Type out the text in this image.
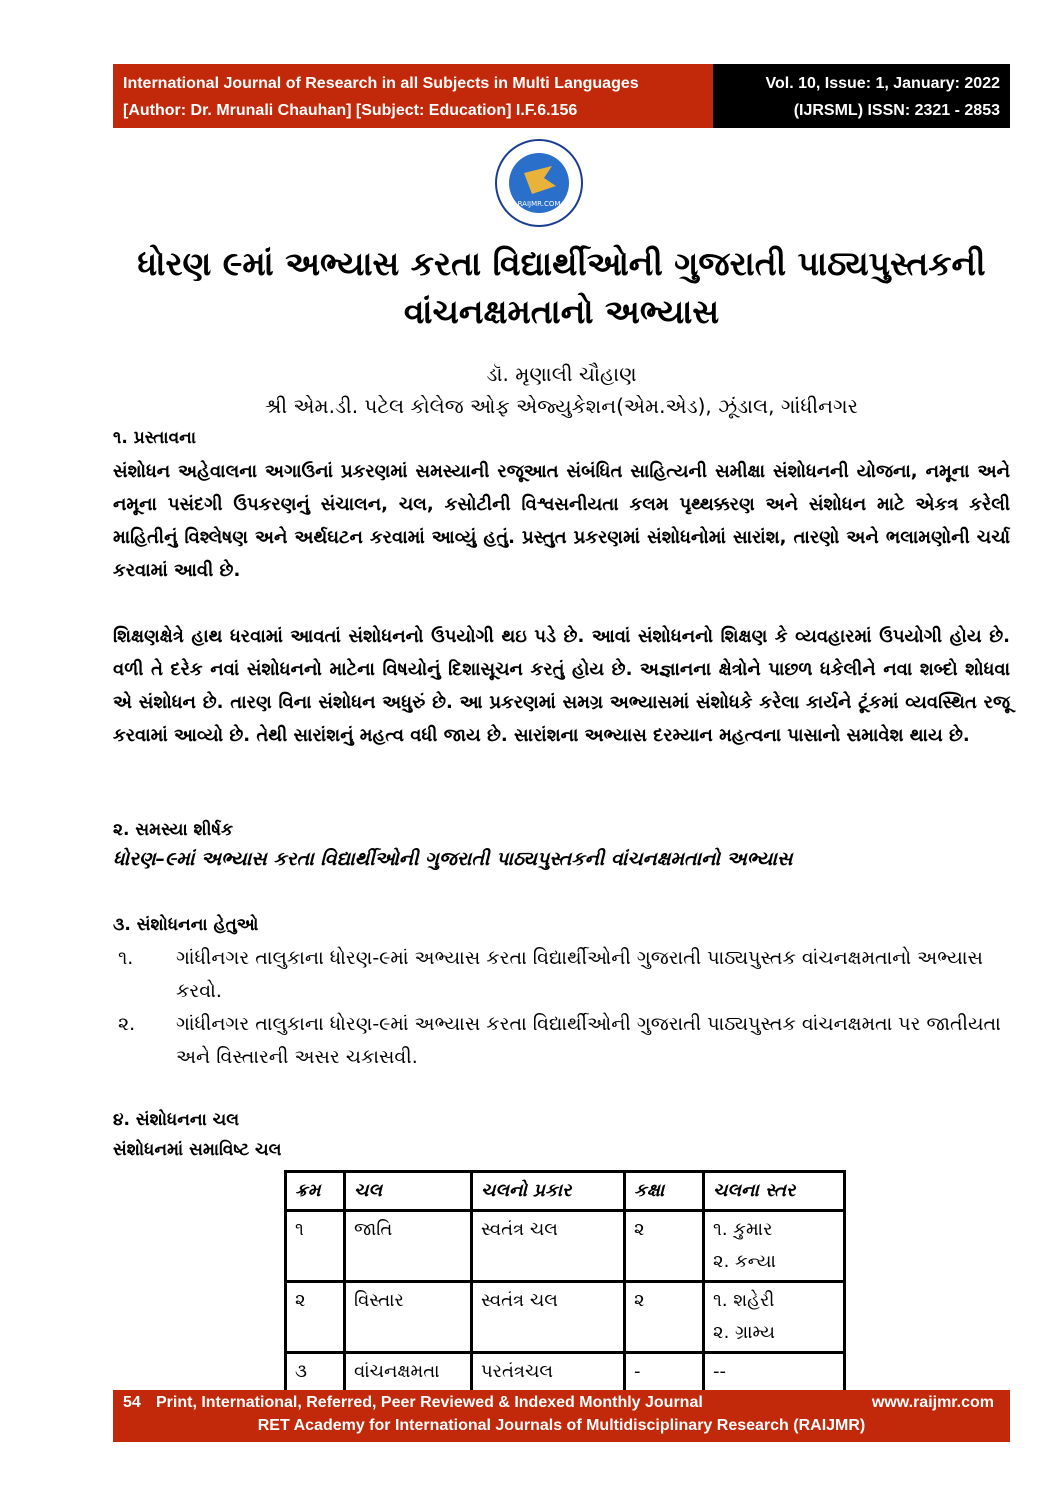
International Journal of Research in all Subjects in Multi Languages
[Author: Dr. Mrunali Chauhan] [Subject: Education] I.F.6.156
Vol. 10, Issue: 1, January: 2022
(IJRSML) ISSN: 2321 - 2853
RAIJMR.COM
ધોરણ ૯માં અભ્યાસ કરતા વિદ્યાર્થીઓની ગુજરાતી પાઠ્યપુસ્તકની
વાંચનક્ષમતાનો અભ્યાસ
ડૉ. મૃણાલી ચૌહાણ
શ્રી એમ.ડી. પટેલ કોલેજ ઓફ એજ્યુકેશન(એમ.એડ), ઝૂંડાલ, ગાંધીનગર
૧. પ્રસ્તાવના
સંશોધન અહેવાલના અગાઉનાં પ્રકરણમાં સમસ્યાની રજૂઆત સંબંધિત સાહિત્યની સમીક્ષા સંશોધનની યોજના, નમૂના અને નમૂના પસંદગી ઉપકરણનું સંચાલન, ચલ, કસોટીની વિશ્વસનીયતા કલમ પૃથ્થક્કરણ અને સંશોધન માટે એકત્ર કરેલી માહિતીનું વિશ્લેષણ અને અર્થઘટન કરવામાં આવ્યું હતું. પ્રસ્તુત પ્રકરણમાં સંશોધનોમાં સારાંશ, તારણો અને ભલામણોની ચર્ચા કરવામાં આવી છે.
શિક્ષણક્ષેત્રે હાથ ધરવામાં આવતાં સંશોધનનો ઉપયોગી થઇ પડે છે. આવાં સંશોધનનો શિક્ષણ કે વ્યવહારમાં ઉપયોગી હોય છે. વળી તે દરેક નવાં સંશોધનનો માટેના વિષયોનું દિશાસૂચન કરતું હોય છે. અજ્ઞાનના ક્ષેત્રોને પાછળ ધકેલીને નવા શબ્દો શોધવા એ સંશોધન છે. તારણ વિના સંશોધન અધુરું છે. આ પ્રકરણમાં સમગ્ર અભ્યાસમાં સંશોધકે કરેલા કાર્યને ટૂંકમાં વ્યવસ્થિત રજૂ કરવામાં આવ્યો છે. તેથી સારાંશનું મહત્વ વધી જાય છે. સારાંશના અભ્યાસ દરમ્યાન મહત્વના પાસાનો સમાવેશ થાય છે.
૨. સમસ્યા શીર્ષક
ધોરણ–૯માં અભ્યાસ કરતા વિદ્યાર્થીઓની ગુજરાતી પાઠ્યપુસ્તકની વાંચનક્ષમતાનો અભ્યાસ
૩. સંશોધનના હેતુઓ
૧.	ગાંધીનગર તાલુકાના ધોરણ-૯માં અભ્યાસ કરતા વિદ્યાર્થીઓની ગુજરાતી પાઠ્યપુસ્તક વાંચનક્ષમતાનો અભ્યાસ કરવો.
૨.	ગાંધીનગર તાલુકાના ધોરણ-૯માં અભ્યાસ કરતા વિદ્યાર્થીઓની ગુજરાતી પાઠ્યપુસ્તક વાંચનક્ષમતા પર જાતીયતા અને વિસ્તારની અસર ચકાસવી.
૪. સંશોધનના ચલ
સંશોધનમાં સમાવિષ્ટ ચલ
ક્રમ	ચલ	ચલનો પ્રકાર	કક્ષા	ચલના સ્તર
૧	જાતિ	સ્વતંત્ર ચલ	૨	૧. કુમાર
૨. કન્યા

૨	વિસ્તાર	સ્વતંત્ર ચલ	૨	૧. શહેરી
૨. ગ્રામ્ય

૩	વાંચનક્ષમતા	પરતંત્રચલ	-	--
54 Print, International, Referred, Peer Reviewed & Indexed Monthly Journal	www.raijmr.com
RET Academy for International Journals of Multidisciplinary Research (RAIJMR)
